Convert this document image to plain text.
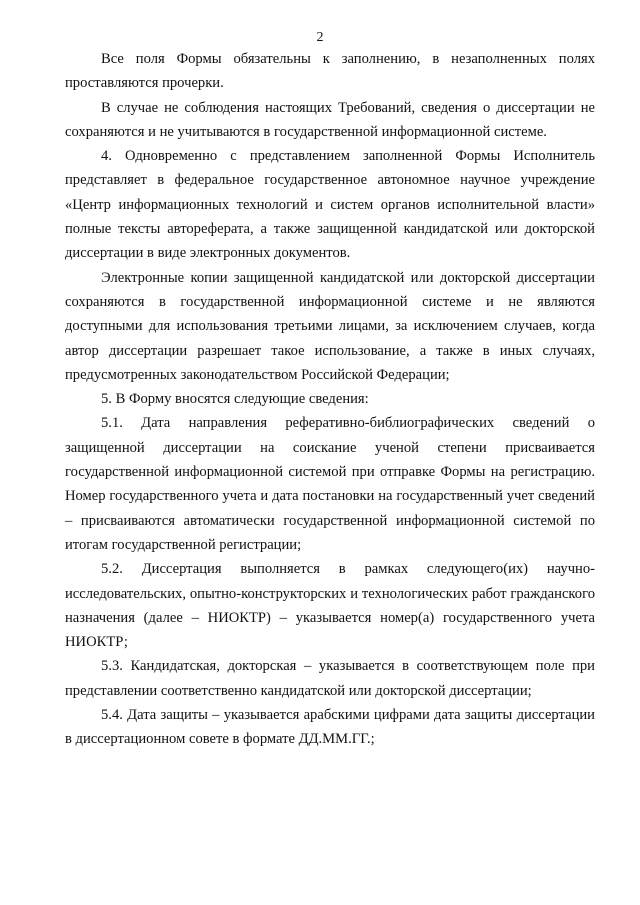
2

Все поля Формы обязательны к заполнению, в незаполненных полях проставляются прочерки.

В случае не соблюдения настоящих Требований, сведения о диссертации не сохраняются и не учитываются в государственной информационной системе.

4. Одновременно с представлением заполненной Формы Исполнитель представляет в федеральное государственное автономное научное учреждение «Центр информационных технологий и систем органов исполнительной власти» полные тексты автореферата, а также защищенной кандидатской или докторской диссертации в виде электронных документов.

Электронные копии защищенной кандидатской или докторской диссертации сохраняются в государственной информационной системе и не являются доступными для использования третьими лицами, за исключением случаев, когда автор диссертации разрешает такое использование, а также в иных случаях, предусмотренных законодательством Российской Федерации;

5. В Форму вносятся следующие сведения:

5.1. Дата направления реферативно-библиографических сведений о защищенной диссертации на соискание ученой степени присваивается государственной информационной системой при отправке Формы на регистрацию. Номер государственного учета и дата постановки на государственный учет сведений – присваиваются автоматически государственной информационной системой по итогам государственной регистрации;

5.2. Диссертация выполняется в рамках следующего(их) научно-исследовательских, опытно-конструкторских и технологических работ гражданского назначения (далее – НИОКТР) – указывается номер(а) государственного учета НИОКТР;

5.3. Кандидатская, докторская – указывается в соответствующем поле при представлении соответственно кандидатской или докторской диссертации;

5.4. Дата защиты – указывается арабскими цифрами дата защиты диссертации в диссертационном совете в формате ДД.ММ.ГГ.;
